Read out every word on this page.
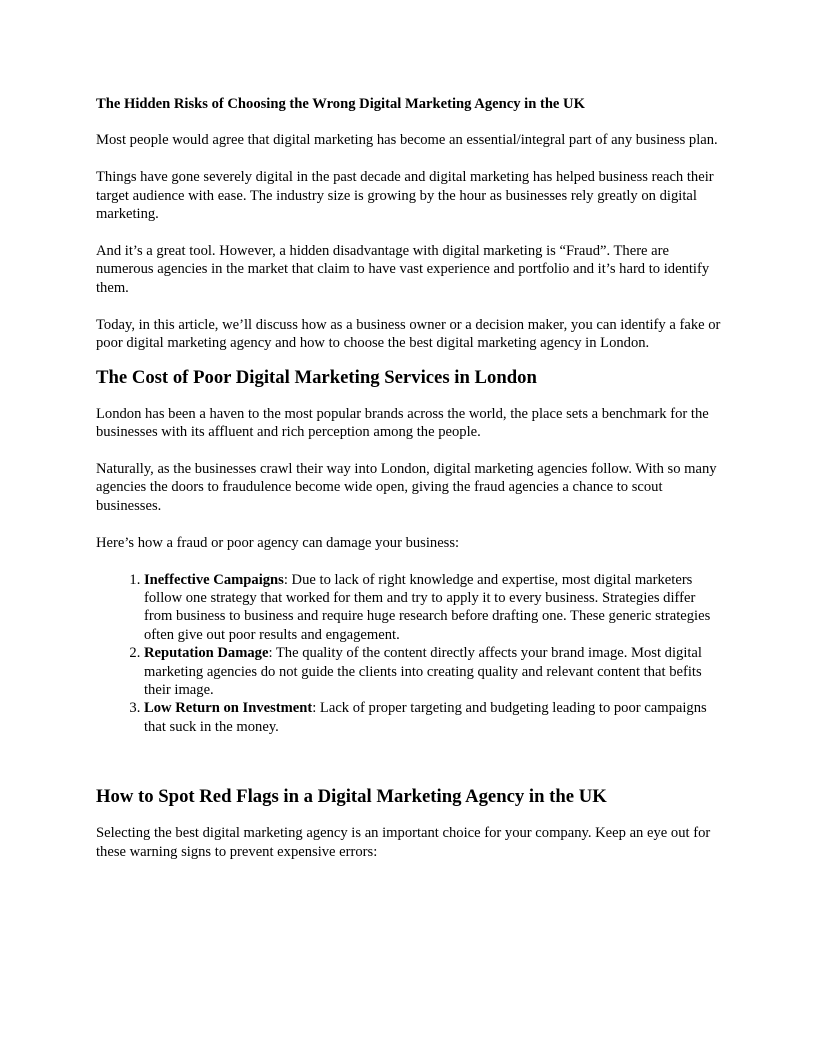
The Hidden Risks of Choosing the Wrong Digital Marketing Agency in the UK

Most people would agree that digital marketing has become an essential/integral part of any business plan.

Things have gone severely digital in the past decade and digital marketing has helped business reach their target audience with ease. The industry size is growing by the hour as businesses rely greatly on digital marketing.

And it’s a great tool. However, a hidden disadvantage with digital marketing is “Fraud”. There are numerous agencies in the market that claim to have vast experience and portfolio and it’s hard to identify them.

Today, in this article, we’ll discuss how as a business owner or a decision maker, you can identify a fake or poor digital marketing agency and how to choose the best digital marketing agency in London.

The Cost of Poor Digital Marketing Services in London

London has been a haven to the most popular brands across the world, the place sets a benchmark for the businesses with its affluent and rich perception among the people.

Naturally, as the businesses crawl their way into London, digital marketing agencies follow. With so many agencies the doors to fraudulence become wide open, giving the fraud agencies a chance to scout businesses.

Here’s how a fraud or poor agency can damage your business:

1. Ineffective Campaigns: Due to lack of right knowledge and expertise, most digital marketers follow one strategy that worked for them and try to apply it to every business. Strategies differ from business to business and require huge research before drafting one. These generic strategies often give out poor results and engagement.
2. Reputation Damage: The quality of the content directly affects your brand image. Most digital marketing agencies do not guide the clients into creating quality and relevant content that befits their image.
3. Low Return on Investment: Lack of proper targeting and budgeting leading to poor campaigns that suck in the money.
How to Spot Red Flags in a Digital Marketing Agency in the UK

Selecting the best digital marketing agency is an important choice for your company. Keep an eye out for these warning signs to prevent expensive errors:
